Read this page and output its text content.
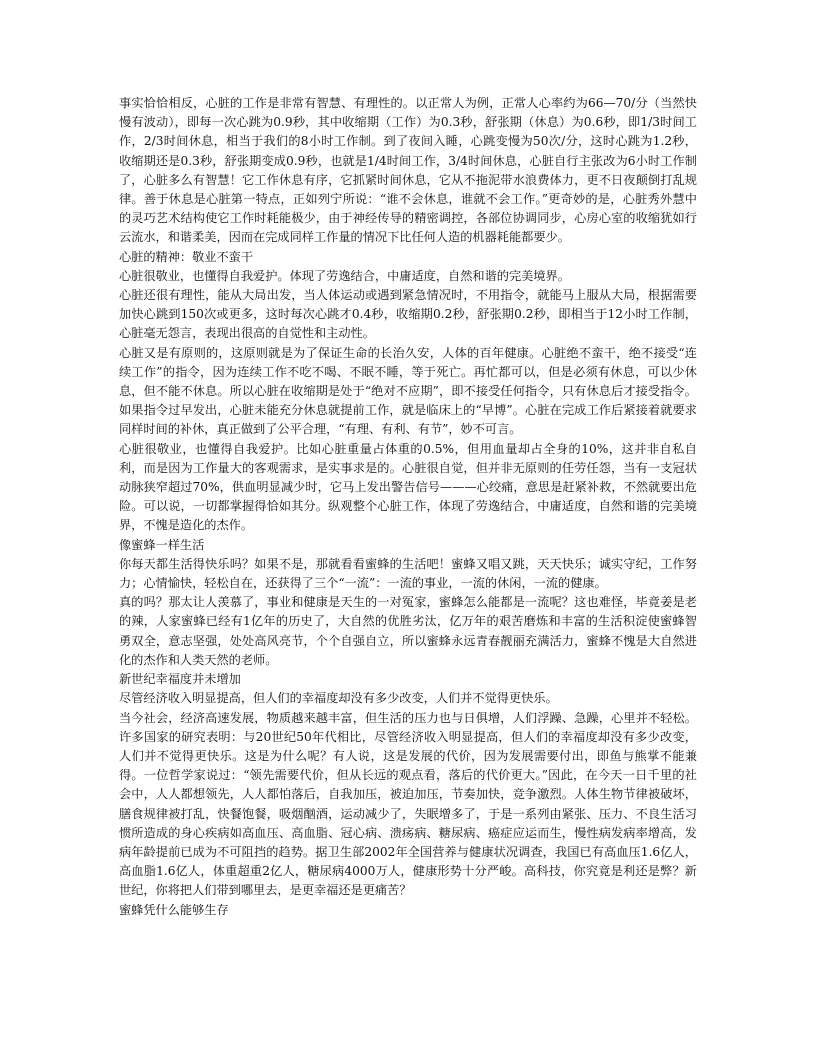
事实恰恰相反，心脏的工作是非常有智慧、有理性的。以正常人为例，正常人心率约为66—70/分（当然快慢有波动），即每一次心跳为0.9秒，其中收缩期（工作）为0.3秒，舒张期（休息）为0.6秒，即1/3时间工作，2/3时间休息，相当于我们的8小时工作制。到了夜间入睡，心跳变慢为50次/分，这时心跳为1.2秒，收缩期还是0.3秒，舒张期变成0.9秒，也就是1/4时间工作，3/4时间休息，心脏自行主张改为6小时工作制了，心脏多么有智慧！它工作休息有序，它抓紧时间休息，它从不拖泥带水浪费体力，更不日夜颠倒打乱规律。善于休息是心脏第一特点，正如列宁所说：“谁不会休息，谁就不会工作。”更奇妙的是，心脏秀外慧中的灵巧艺术结构使它工作时耗能极少，由于神经传导的精密调控，各部位协调同步，心房心室的收缩犹如行云流水，和谐柔美，因而在完成同样工作量的情况下比任何人造的机器耗能都要少。

心脏的精神：敬业不蛮干

心脏很敬业，也懂得自我爱护。体现了劳逸结合，中庸适度，自然和谐的完美境界。

心脏还很有理性，能从大局出发，当人体运动或遇到紧急情况时，不用指令，就能马上服从大局，根据需要加快心跳到150次或更多，这时每次心跳才0.4秒，收缩期0.2秒，舒张期0.2秒，即相当于12小时工作制，心脏毫无怨言，表现出很高的自觉性和主动性。

心脏又是有原则的，这原则就是为了保证生命的长治久安，人体的百年健康。心脏绝不蛮干，绝不接受“连续工作”的指令，因为连续工作不吃不喝、不眠不睡，等于死亡。再忙都可以，但是必须有休息，可以少休息，但不能不休息。所以心脏在收缩期是处于“绝对不应期”，即不接受任何指令，只有休息后才接受指令。如果指令过早发出，心脏未能充分休息就提前工作，就是临床上的“早博”。心脏在完成工作后紧接着就要求同样时间的补休，真正做到了公平合理，“有理、有利、有节”，妙不可言。

心脏很敬业，也懂得自我爱护。比如心脏重量占体重的0.5%，但用血量却占全身的10%，这并非自私自利，而是因为工作量大的客观需求，是实事求是的。心脏很自觉，但并非无原则的任劳任怨，当有一支冠状动脉狭窄超过70%，供血明显减少时，它马上发出警告信号———心绞痛，意思是赶紧补救，不然就要出危险。可以说，一切都掌握得恰如其分。纵观整个心脏工作，体现了劳逸结合，中庸适度，自然和谐的完美境界，不愧是造化的杰作。

像蜜蜂一样生活

你每天都生活得快乐吗？如果不是，那就看看蜜蜂的生活吧！蜜蜂又唱又跳，天天快乐；诚实守纪，工作努力；心情愉快，轻松自在，还获得了三个“一流”：一流的事业，一流的休闲，一流的健康。

真的吗？那太让人羡慕了，事业和健康是天生的一对冤家，蜜蜂怎么能都是一流呢？这也难怪，毕竟姜是老的辣，人家蜜蜂已经有1亿年的历史了，大自然的优胜劣汰，亿万年的艰苦磨炼和丰富的生活积淀使蜜蜂智勇双全，意志坚强，处处高风亮节，个个自强自立，所以蜜蜂永远青春靓丽充满活力，蜜蜂不愧是大自然进化的杰作和人类天然的老师。

新世纪幸福度并未增加

尽管经济收入明显提高，但人们的幸福度却没有多少改变，人们并不觉得更快乐。

当今社会，经济高速发展，物质越来越丰富，但生活的压力也与日俱增，人们浮躁、急躁，心里并不轻松。许多国家的研究表明：与20世纪50年代相比，尽管经济收入明显提高，但人们的幸福度却没有多少改变，人们并不觉得更快乐。这是为什么呢？有人说，这是发展的代价，因为发展需要付出，即鱼与熊掌不能兼得。一位哲学家说过：“领先需要代价，但从长远的观点看，落后的代价更大。”因此，在今天一日千里的社会中，人人都想领先，人人都怕落后，自我加压，被迫加压，节奏加快，竞争激烈。人体生物节律被破坏，膳食规律被打乱，快餐饱餐，吸烟酗酒，运动减少了，失眠增多了，于是一系列由紧张、压力、不良生活习惯所造成的身心疾病如高血压、高血脂、冠心病、溃疡病、糖尿病、癌症应运而生，慢性病发病率增高，发病年龄提前已成为不可阻挡的趋势。据卫生部2002年全国营养与健康状况调查，我国已有高血压1.6亿人，高血脂1.6亿人，体重超重2亿人，糖尿病4000万人，健康形势十分严峻。高科技，你究竟是利还是弊？新世纪，你将把人们带到哪里去，是更幸福还是更痛苦？

蜜蜂凭什么能够生存
